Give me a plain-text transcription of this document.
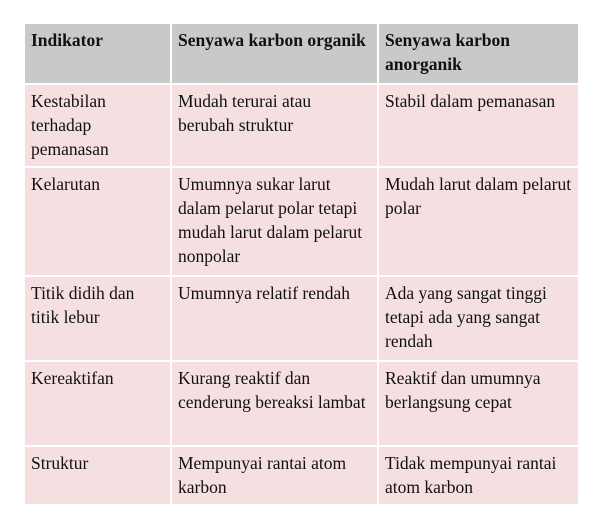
Indikator	Senyawa karbon organik	Senyawa karbon anorganik
Kestabilan terhadap pemanasan	Mudah terurai atau berubah struktur	Stabil dalam pemanasan
Kelarutan	Umumnya sukar larut dalam pelarut polar tetapi mudah larut dalam pelarut nonpolar	Mudah larut dalam pelarut polar
Titik didih dan titik lebur	Umumnya relatif rendah	Ada yang sangat tinggi tetapi ada yang sangat rendah
Kereaktifan	Kurang reaktif dan cenderung bereaksi lambat	Reaktif dan umumnya berlangsung cepat
Struktur	Mempunyai rantai atom karbon	Tidak mempunyai rantai atom karbon
